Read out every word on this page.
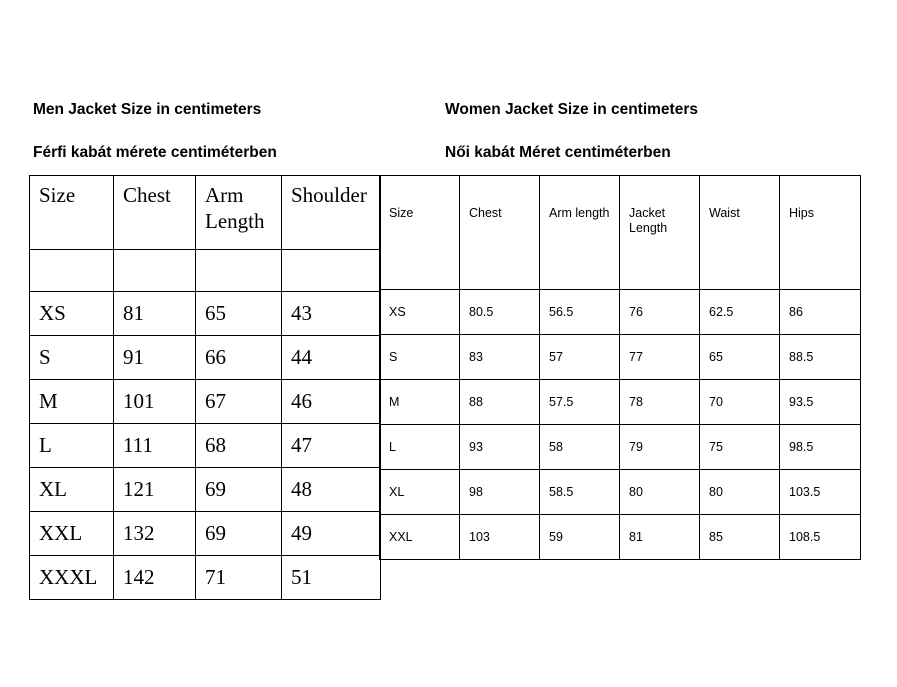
Men Jacket Size in centimeters
Férfi kabát mérete centiméterben
Women Jacket Size in centimeters
Női kabát Méret centiméterben
Size	Chest	Arm Length	Shoulder

XS	81	65	43
S	91	66	44
M	101	67	46
L	111	68	47
XL	121	69	48
XXL	132	69	49
XXXL	142	71	51
Size	Chest	Arm length	Jacket Length	Waist	Hips
XS	80.5	56.5	76	62.5	86
S	83	57	77	65	88.5
M	88	57.5	78	70	93.5
L	93	58	79	75	98.5
XL	98	58.5	80	80	103.5
XXL	103	59	81	85	108.5
